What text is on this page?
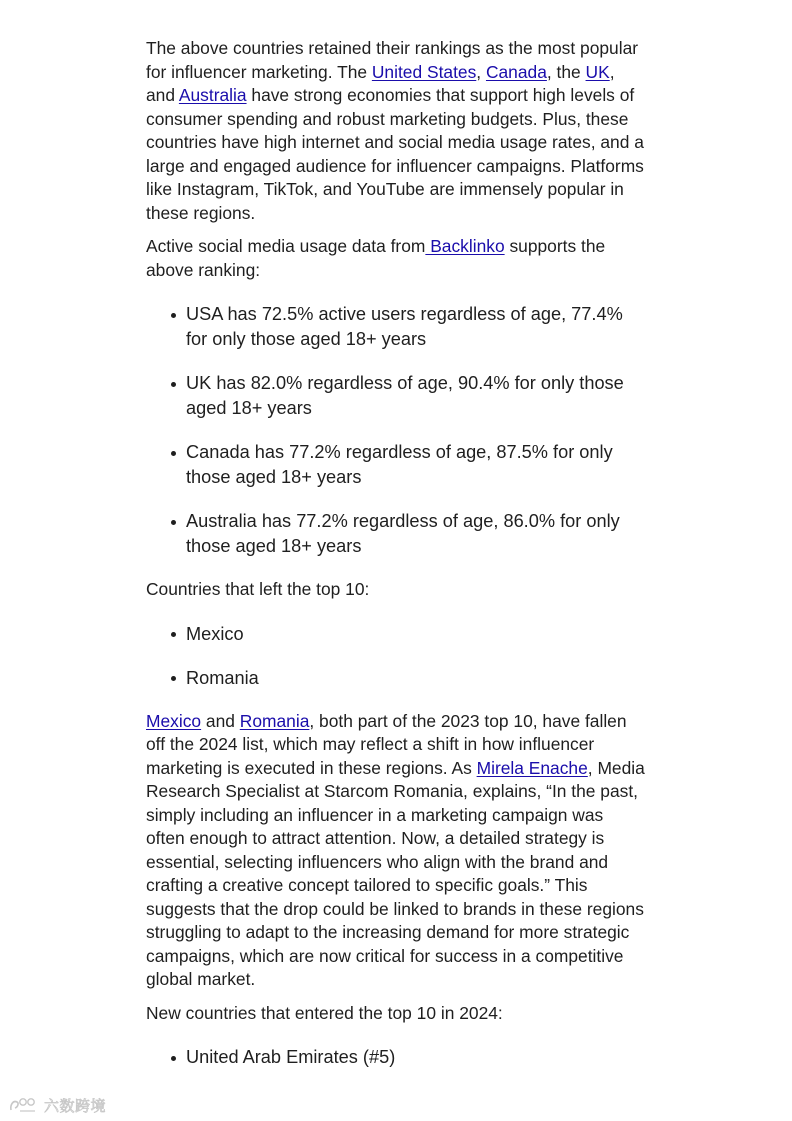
The above countries retained their rankings as the most popular for influencer marketing. The United States, Canada, the UK, and Australia have strong economies that support high levels of consumer spending and robust marketing budgets. Plus, these countries have high internet and social media usage rates, and a large and engaged audience for influencer campaigns. Platforms like Instagram, TikTok, and YouTube are immensely popular in these regions.

Active social media usage data from Backlinko supports the above ranking:

USA has 72.5% active users regardless of age, 77.4% for only those aged 18+ years
UK has 82.0% regardless of age, 90.4% for only those aged 18+ years
Canada has 77.2% regardless of age, 87.5% for only those aged 18+ years
Australia has 77.2% regardless of age, 86.0% for only those aged 18+ years

Countries that left the top 10:

Mexico
Romania

Mexico and Romania, both part of the 2023 top 10, have fallen off the 2024 list, which may reflect a shift in how influencer marketing is executed in these regions. As Mirela Enache, Media Research Specialist at Starcom Romania, explains, “In the past, simply including an influencer in a marketing campaign was often enough to attract attention. Now, a detailed strategy is essential, selecting influencers who align with the brand and crafting a creative concept tailored to specific goals.” This suggests that the drop could be linked to brands in these regions struggling to adapt to the increasing demand for more strategic campaigns, which are now critical for success in a competitive global market.

New countries that entered the top 10 in 2024:

United Arab Emirates (#5)
六数跨境
